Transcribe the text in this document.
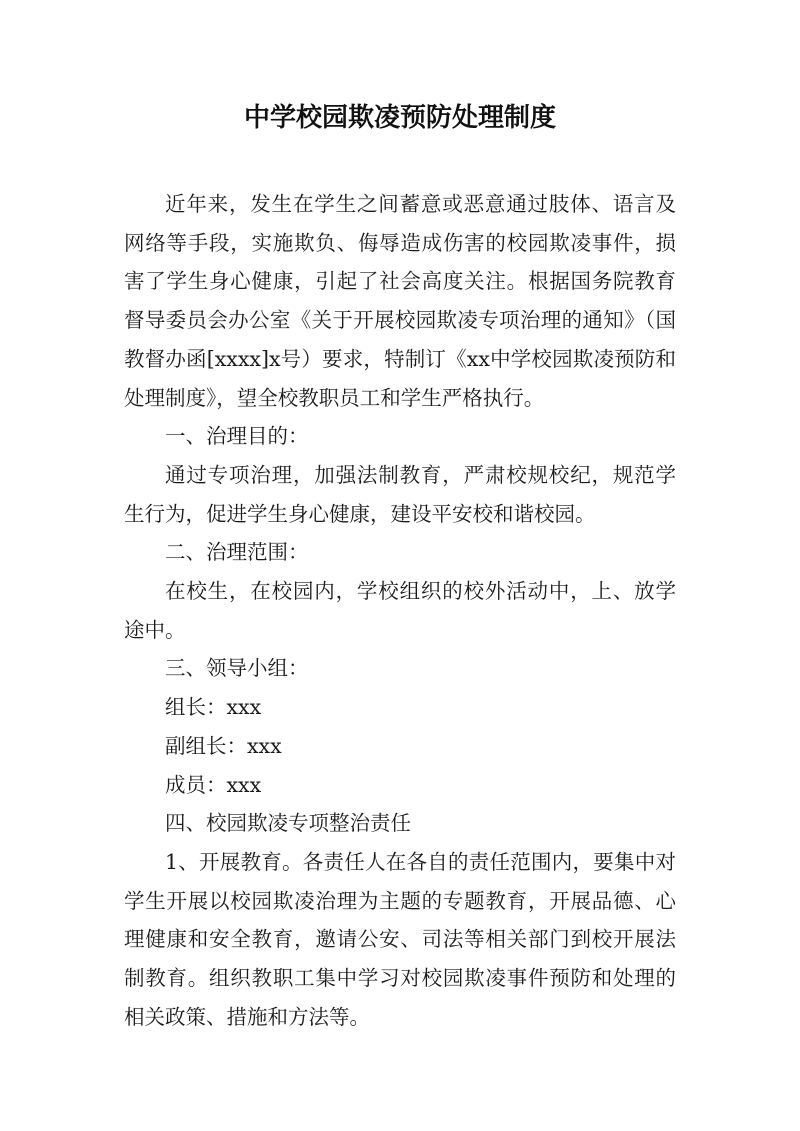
中学校园欺凌预防处理制度

近年来，发生在学生之间蓄意或恶意通过肢体、语言及网络等手段，实施欺负、侮辱造成伤害的校园欺凌事件，损害了学生身心健康，引起了社会高度关注。根据国务院教育督导委员会办公室《关于开展校园欺凌专项治理的通知》（国教督办函[xxxx]x号）要求，特制订《xx中学校园欺凌预防和处理制度》，望全校教职员工和学生严格执行。

一、治理目的：

通过专项治理，加强法制教育，严肃校规校纪，规范学生行为，促进学生身心健康，建设平安校和谐校园。

二、治理范围：

在校生，在校园内，学校组织的校外活动中，上、放学途中。

三、领导小组：

组长：xxx

副组长：xxx

成员：xxx

四、校园欺凌专项整治责任

1、开展教育。各责任人在各自的责任范围内，要集中对学生开展以校园欺凌治理为主题的专题教育，开展品德、心理健康和安全教育，邀请公安、司法等相关部门到校开展法制教育。组织教职工集中学习对校园欺凌事件预防和处理的相关政策、措施和方法等。
